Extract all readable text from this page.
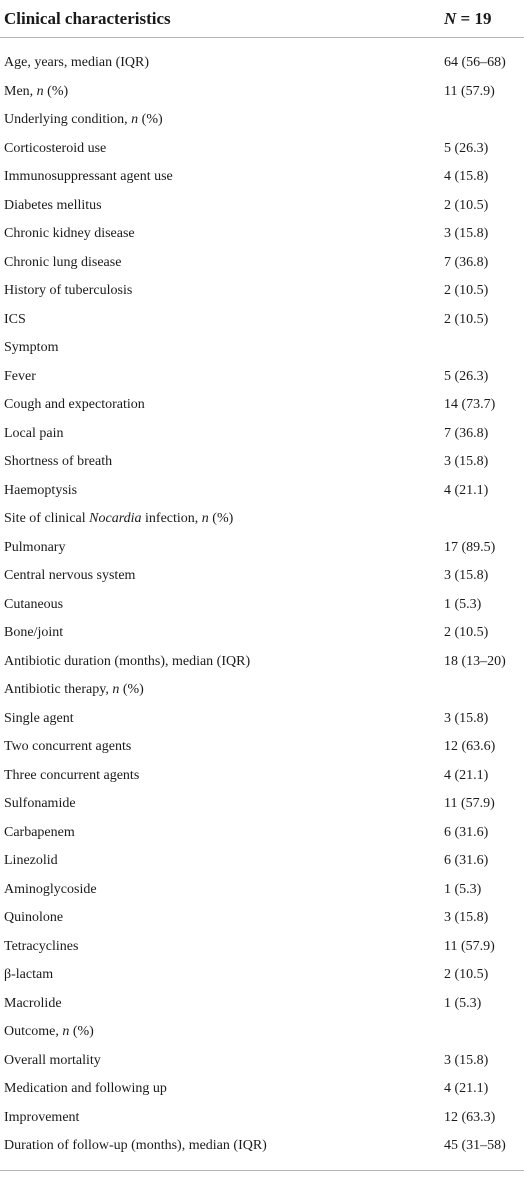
Clinical characteristics	N = 19
Age, years, median (IQR)	64 (56–68)
Men, n (%)	11 (57.9)
Underlying condition, n (%)
Corticosteroid use	5 (26.3)
Immunosuppressant agent use	4 (15.8)
Diabetes mellitus	2 (10.5)
Chronic kidney disease	3 (15.8)
Chronic lung disease	7 (36.8)
History of tuberculosis	2 (10.5)
ICS	2 (10.5)
Symptom
Fever	5 (26.3)
Cough and expectoration	14 (73.7)
Local pain	7 (36.8)
Shortness of breath	3 (15.8)
Haemoptysis	4 (21.1)
Site of clinical Nocardia infection, n (%)
Pulmonary	17 (89.5)
Central nervous system	3 (15.8)
Cutaneous	1 (5.3)
Bone/joint	2 (10.5)
Antibiotic duration (months), median (IQR)	18 (13–20)
Antibiotic therapy, n (%)
Single agent	3 (15.8)
Two concurrent agents	12 (63.6)
Three concurrent agents	4 (21.1)
Sulfonamide	11 (57.9)
Carbapenem	6 (31.6)
Linezolid	6 (31.6)
Aminoglycoside	1 (5.3)
Quinolone	3 (15.8)
Tetracyclines	11 (57.9)
β-lactam	2 (10.5)
Macrolide	1 (5.3)
Outcome, n (%)
Overall mortality	3 (15.8)
Medication and following up	4 (21.1)
Improvement	12 (63.3)
Duration of follow-up (months), median (IQR)	45 (31–58)
